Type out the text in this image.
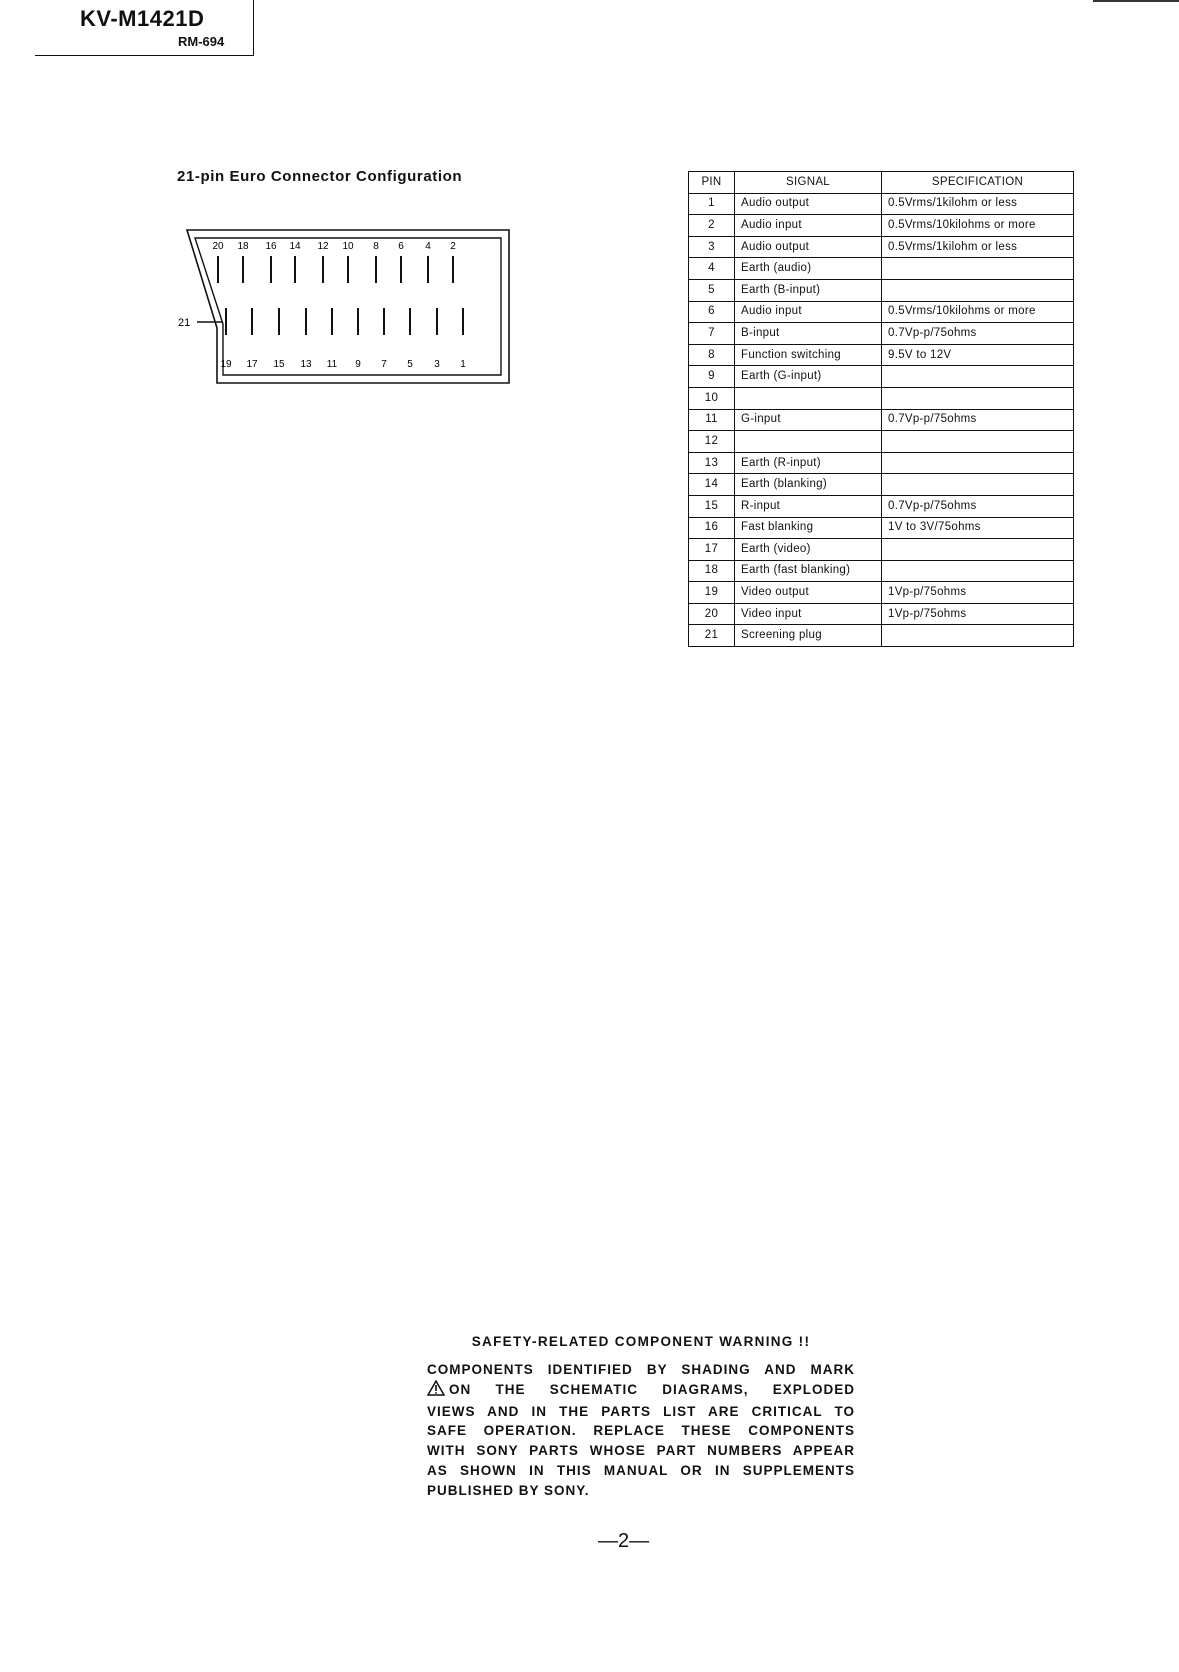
KV-M1421D
RM-694
21-pin Euro Connector Configuration
21
20 18 16 14 12 10 8 6 4 2
19 17 15 13 11 9 7 5 3 1
PIN	SIGNAL	SPECIFICATION
1	Audio output	0.5Vrms/1kilohm or less
2	Audio input	0.5Vrms/10kilohms or more
3	Audio output	0.5Vrms/1kilohm or less
4	Earth (audio)	
5	Earth (B-input)	
6	Audio input	0.5Vrms/10kilohms or more
7	B-input	0.7Vp-p/75ohms
8	Function switching	9.5V to 12V
9	Earth (G-input)	
10		
11	G-input	0.7Vp-p/75ohms
12		
13	Earth (R-input)	
14	Earth (blanking)	
15	R-input	0.7Vp-p/75ohms
16	Fast blanking	1V to 3V/75ohms
17	Earth (video)	
18	Earth (fast blanking)	
19	Video output	1Vp-p/75ohms
20	Video input	1Vp-p/75ohms
21	Screening plug	
SAFETY-RELATED COMPONENT WARNING !!
COMPONENTS IDENTIFIED BY SHADING AND MARK
ON THE SCHEMATIC DIAGRAMS, EXPLODED
VIEWS AND IN THE PARTS LIST ARE CRITICAL TO
SAFE OPERATION. REPLACE THESE COMPONENTS
WITH SONY PARTS WHOSE PART NUMBERS APPEAR
AS SHOWN IN THIS MANUAL OR IN SUPPLEMENTS
PUBLISHED BY SONY.
—2—
